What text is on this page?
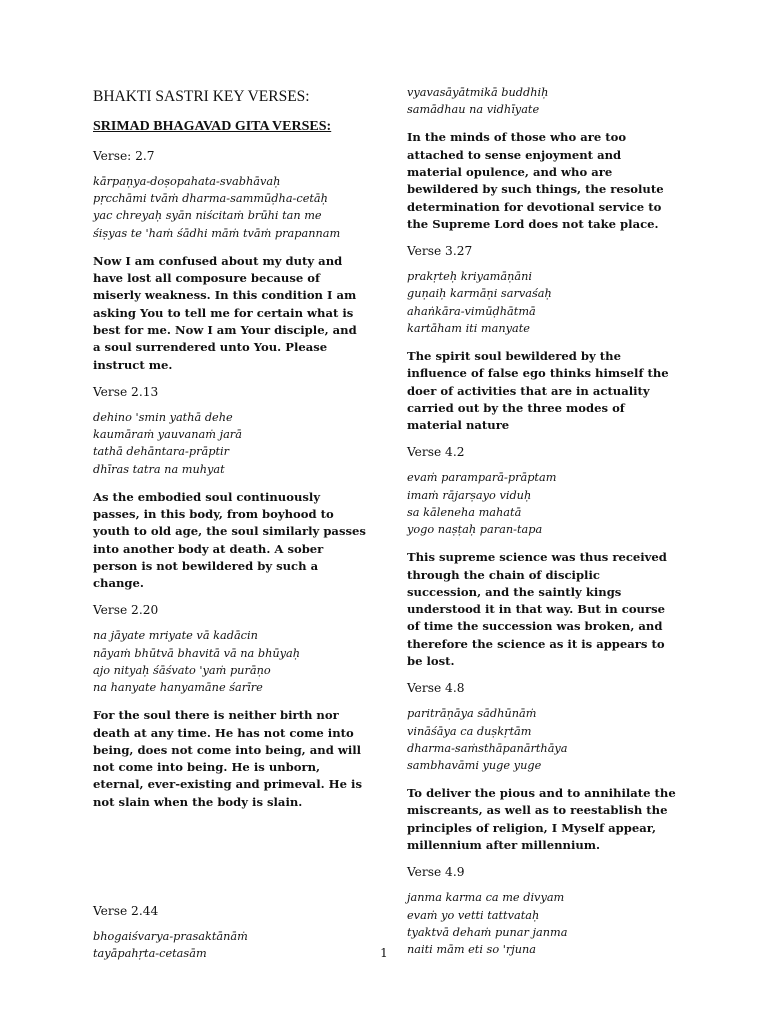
BHAKTI SASTRI KEY VERSES:

SRIMAD BHAGAVAD GITA VERSES:

Verse: 2.7

kārpaṇya-doṣopahata-svabhāvaḥ
pṛcchāmi tvāṁ dharma-sammūḍha-cetāḥ
yac chreyaḥ syān niścitaṁ brūhi tan me
śiṣyas te 'haṁ śādhi māṁ tvāṁ prapannam

Now I am confused about my duty and have lost all composure because of miserly weakness. In this condition I am asking You to tell me for certain what is best for me. Now I am Your disciple, and a soul surrendered unto You. Please instruct me.

Verse 2.13

dehino 'smin yathā dehe
kaumāraṁ yauvanaṁ jarā
tathā dehāntara-prāptir
dhīras tatra na muhyat

As the embodied soul continuously passes, in this body, from boyhood to youth to old age, the soul similarly passes into another body at death. A sober person is not bewildered by such a change.

Verse 2.20

na jāyate mriyate vā kadācin
nāyaṁ bhūtvā bhavitā vā na bhūyaḥ
ajo nityaḥ śāśvato 'yaṁ purāṇo
na hanyate hanyamāne śarīre

For the soul there is neither birth nor death at any time. He has not come into being, does not come into being, and will not come into being. He is unborn, eternal, ever-existing and primeval. He is not slain when the body is slain.

Verse 2.44

bhogaiśvarya-prasaktānāṁ
tayāpahṛta-cetasām

vyavasāyātmikā buddhiḥ
samādhau na vidhīyate

In the minds of those who are too attached to sense enjoyment and material opulence, and who are bewildered by such things, the resolute determination for devotional service to the Supreme Lord does not take place.

Verse 3.27

prakṛteḥ kriyamāṇāni
guṇaiḥ karmāṇi sarvaśaḥ
ahaṅkāra-vimūḍhātmā
kartāham iti manyate

The spirit soul bewildered by the influence of false ego thinks himself the doer of activities that are in actuality carried out by the three modes of material nature

Verse 4.2

evaṁ paramparā-prāptam
imaṁ rājarṣayo viduḥ
sa kāleneha mahatā
yogo naṣṭaḥ paran-tapa

This supreme science was thus received through the chain of disciplic succession, and the saintly kings understood it in that way. But in course of time the succession was broken, and therefore the science as it is appears to be lost.

Verse 4.8

paritrāṇāya sādhūnāṁ
vināśāya ca duṣkṛtām
dharma-saṁsthāpanārthāya
sambhavāmi yuge yuge

To deliver the pious and to annihilate the miscreants, as well as to reestablish the principles of religion, I Myself appear, millennium after millennium.

Verse 4.9

janma karma ca me divyam
evaṁ yo vetti tattvataḥ
tyaktvā dehaṁ punar janma
naiti mām eti so 'rjuna

1
